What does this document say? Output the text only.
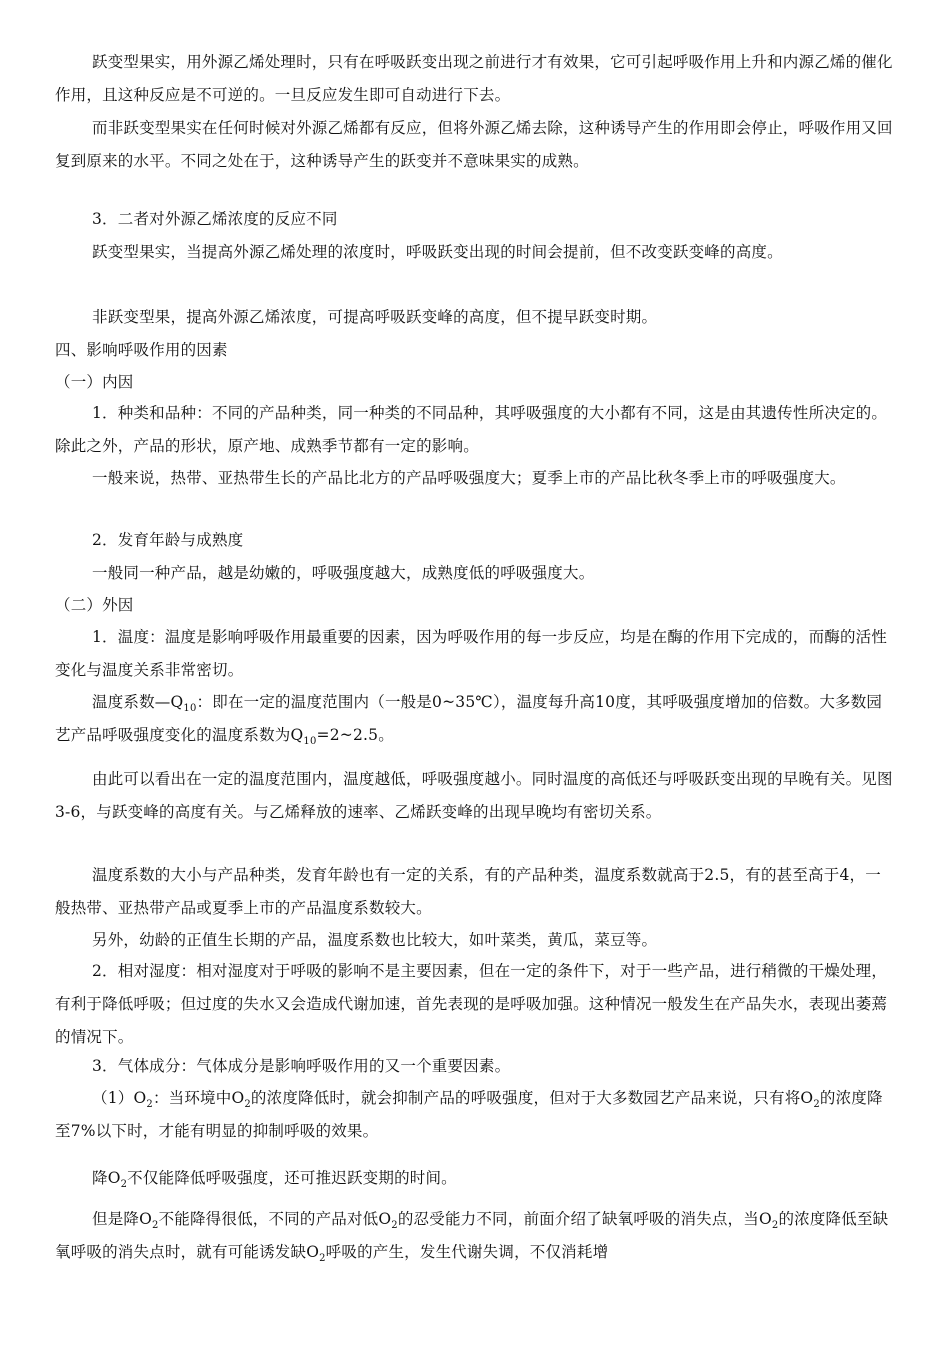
跃变型果实，用外源乙烯处理时，只有在呼吸跃变出现之前进行才有效果，它可引起呼吸作用上升和内源乙烯的催化作用，且这种反应是不可逆的。一旦反应发生即可自动进行下去。

而非跃变型果实在任何时候对外源乙烯都有反应，但将外源乙烯去除，这种诱导产生的作用即会停止，呼吸作用又回复到原来的水平。不同之处在于，这种诱导产生的跃变并不意味果实的成熟。

3．二者对外源乙烯浓度的反应不同

跃变型果实，当提高外源乙烯处理的浓度时，呼吸跃变出现的时间会提前，但不改变跃变峰的高度。

非跃变型果，提高外源乙烯浓度，可提高呼吸跃变峰的高度，但不提早跃变时期。

四、影响呼吸作用的因素

（一）内因

1．种类和品种：不同的产品种类，同一种类的不同品种，其呼吸强度的大小都有不同，这是由其遗传性所决定的。除此之外，产品的形状，原产地、成熟季节都有一定的影响。

一般来说，热带、亚热带生长的产品比北方的产品呼吸强度大；夏季上市的产品比秋冬季上市的呼吸强度大。

2．发育年龄与成熟度

一般同一种产品，越是幼嫩的，呼吸强度越大，成熟度低的呼吸强度大。

（二）外因

1．温度：温度是影响呼吸作用最重要的因素，因为呼吸作用的每一步反应，均是在酶的作用下完成的，而酶的活性变化与温度关系非常密切。

温度系数$—Q_{10}$：即在一定的温度范围内（一般是0~35℃），温度每升高10度，其呼吸强度增加的倍数。大多数园艺产品呼吸强度变化的温度系数为$Q_{10}=2\sim 2.5$。

由此可以看出在一定的温度范围内，温度越低，呼吸强度越小。同时温度的高低还与呼吸跃变出现的早晚有关。见图3-6，与跃变峰的高度有关。与乙烯释放的速率、乙烯跃变峰的出现早晚均有密切关系。

温度系数的大小与产品种类，发育年龄也有一定的关系，有的产品种类，温度系数就高于2.5，有的甚至高于4，一般热带、亚热带产品或夏季上市的产品温度系数较大。

另外，幼龄的正值生长期的产品，温度系数也比较大，如叶菜类，黄瓜，菜豆等。

2．相对湿度：相对湿度对于呼吸的影响不是主要因素，但在一定的条件下，对于一些产品，进行稍微的干燥处理，有利于降低呼吸；但过度的失水又会造成代谢加速，首先表现的是呼吸加强。这种情况一般发生在产品失水，表现出萎蔫的情况下。

3．气体成分：气体成分是影响呼吸作用的又一个重要因素。

$(1)O_2$：当环境中$O_2$的浓度降低时，就会抑制产品的呼吸强度，但对于大多数园艺产品来说，只有将$O_2$的浓度降至7%以下时，才能有明显的抑制呼吸的效果。

降$O_2$不仅能降低呼吸强度，还可推迟跃变期的时间。

但是降$O_2$不能降得很低，不同的产品对低$O_2$的忍受能力不同，前面介绍了缺氧呼吸的消失点，当$O_2$的浓度降低至缺氧呼吸的消失点时，就有可能诱发缺$O_2$呼吸的产生，发生代谢失调，不仅消耗增
